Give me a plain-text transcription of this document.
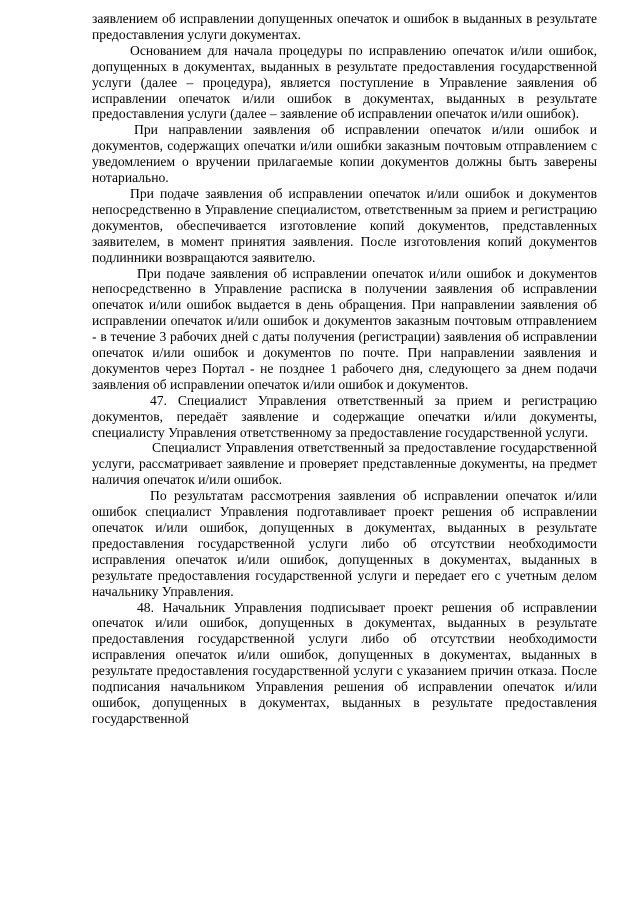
заявлением об исправлении допущенных опечаток и ошибок в выданных в результате предоставления услуги документах.

Основанием для начала процедуры по исправлению опечаток и/или ошибок, допущенных в документах, выданных в результате предоставления государственной услуги (далее – процедура), является поступление в Управление заявления об исправлении опечаток и/или ошибок в документах, выданных в результате предоставления услуги (далее – заявление об исправлении опечаток и/или ошибок).

При направлении заявления об исправлении опечаток и/или ошибок и документов, содержащих опечатки и/или ошибки заказным почтовым отправлением с уведомлением о вручении прилагаемые копии документов должны быть заверены нотариально.

При подаче заявления об исправлении опечаток и/или ошибок и документов непосредственно в Управление специалистом, ответственным за прием и регистрацию документов, обеспечивается изготовление копий документов, представленных заявителем, в момент принятия заявления. После изготовления копий документов подлинники возвращаются заявителю.

При подаче заявления об исправлении опечаток и/или ошибок и документов непосредственно в Управление расписка в получении заявления об исправлении опечаток и/или ошибок выдается в день обращения. При направлении заявления об исправлении опечаток и/или ошибок и документов заказным почтовым отправлением - в течение 3 рабочих дней с даты получения (регистрации) заявления об исправлении опечаток и/или ошибок и документов по почте. При направлении заявления и документов через Портал - не позднее 1 рабочего дня, следующего за днем подачи заявления об исправлении опечаток и/или ошибок и документов.

47. Специалист Управления ответственный за прием и регистрацию документов, передаёт заявление и содержащие опечатки и/или документы, специалисту Управления ответственному за предоставление государственной услуги.

Специалист Управления ответственный за предоставление государственной услуги, рассматривает заявление и проверяет представленные документы, на предмет наличия опечаток и/или ошибок.

По результатам рассмотрения заявления об исправлении опечаток и/или ошибок специалист Управления подготавливает проект решения об исправлении опечаток и/или ошибок, допущенных в документах, выданных в результате предоставления государственной услуги либо об отсутствии необходимости исправления опечаток и/или ошибок, допущенных в документах, выданных в результате предоставления государственной услуги и передает его с учетным делом начальнику Управления.

48. Начальник Управления подписывает проект решения об исправлении опечаток и/или ошибок, допущенных в документах, выданных в результате предоставления государственной услуги либо об отсутствии необходимости исправления опечаток и/или ошибок, допущенных в документах, выданных в результате предоставления государственной услуги с указанием причин отказа. После подписания начальником Управления решения об исправлении опечаток и/или ошибок, допущенных в документах, выданных в результате предоставления государственной
